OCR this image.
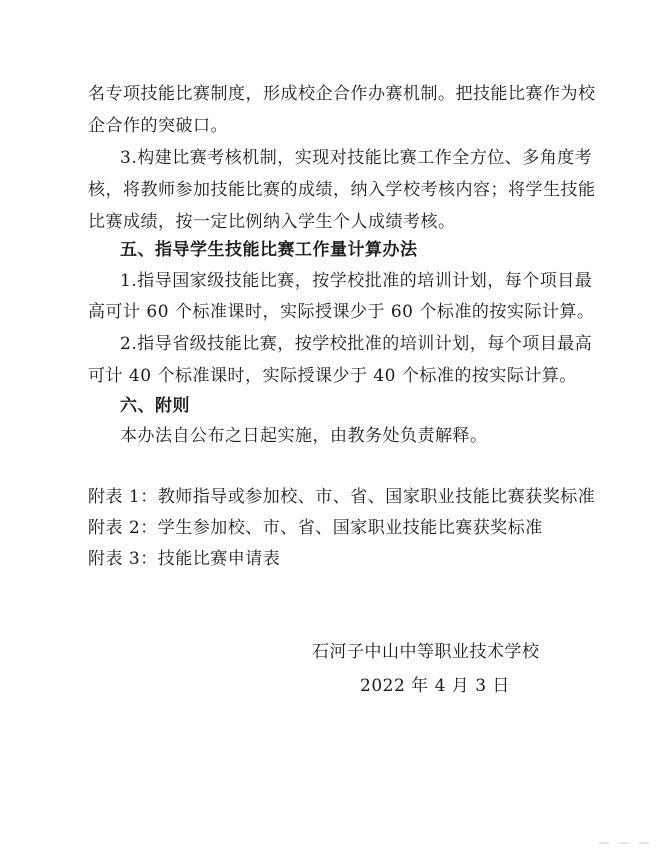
名专项技能比赛制度，形成校企合作办赛机制。把技能比赛作为校
企合作的突破口。
3.构建比赛考核机制，实现对技能比赛工作全方位、多角度考
核，将教师参加技能比赛的成绩，纳入学校考核内容；将学生技能
比赛成绩，按一定比例纳入学生个人成绩考核。
五、指导学生技能比赛工作量计算办法
1.指导国家级技能比赛，按学校批准的培训计划，每个项目最
高可计 60 个标准课时，实际授课少于 60 个标准的按实际计算。
2.指导省级技能比赛，按学校批准的培训计划，每个项目最高
可计 40 个标准课时，实际授课少于 40 个标准的按实际计算。
六、附则
本办法自公布之日起实施，由教务处负责解释。
附表 1：教师指导或参加校、市、省、国家职业技能比赛获奖标准
附表 2：学生参加校、市、省、国家职业技能比赛获奖标准
附表 3：技能比赛申请表
石河子中山中等职业技术学校
2022 年 4 月 3 日
